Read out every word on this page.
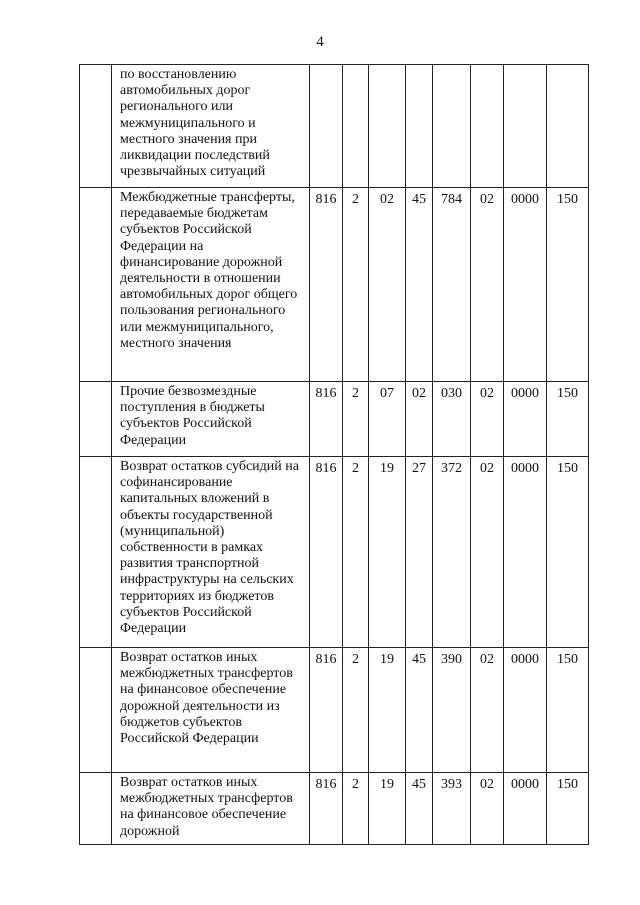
4
	по восстановлению автомобильных дорог регионального или межмуниципального и местного значения при ликвидации последствий чрезвычайных ситуаций								
	Межбюджетные трансферты, передаваемые бюджетам субъектов Российской Федерации на финансирование дорожной деятельности в отношении автомобильных дорог общего пользования регионального или межмуниципального, местного значения	816	2	02	45	784	02	0000	150
	Прочие безвозмездные поступления в бюджеты субъектов Российской Федерации	816	2	07	02	030	02	0000	150
	Возврат остатков субсидий на софинансирование капитальных вложений в объекты государственной (муниципальной) собственности в рамках развития транспортной инфраструктуры на сельских территориях из бюджетов субъектов Российской Федерации	816	2	19	27	372	02	0000	150
	Возврат остатков иных межбюджетных трансфертов на финансовое обеспечение дорожной деятельности из бюджетов субъектов Российской Федерации	816	2	19	45	390	02	0000	150
	Возврат остатков иных межбюджетных трансфертов на финансовое обеспечение дорожной	816	2	19	45	393	02	0000	150
